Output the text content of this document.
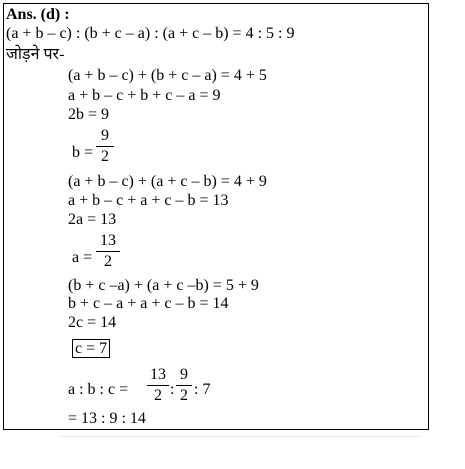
Ans. (d) :
(a + b – c) : (b + c – a) : (a + c – b) = 4 : 5 : 9
जोड़ने पर-
(a + b – c) + (b + c – a) = 4 + 5
a + b – c + b + c – a = 9
2b = 9
b =
9
2
(a + b – c) + (a + c – b) = 4 + 9
a + b – c + a + c – b = 13
2a = 13
a =
13
2
(b + c –a) + (a + c –b) = 5 + 9
b + c – a + a + c – b = 14
2c = 14
c = 7
a : b : c =
13
2 :
9
2 : 7
= 13 : 9 : 14
